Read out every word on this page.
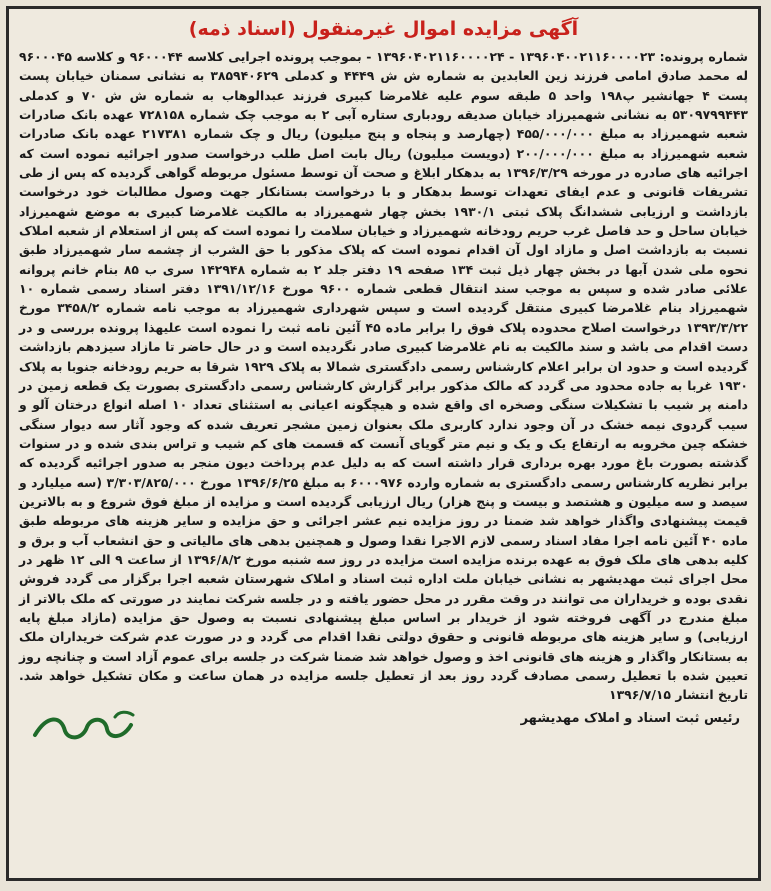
آگهی مزایده اموال غیرمنقول (اسناد ذمه)

شماره پرونده: ۱۳۹۶۰۴۰۰۲۱۱۶۰۰۰۰۲۳ - ۱۳۹۶۰۴۰۲۱۱۶۰۰۰۰۲۴ - بموجب پرونده اجرایی کلاسه ۹۶۰۰۰۴۴ و کلاسه ۹۶۰۰۰۴۵ له محمد صادق امامی فرزند زین العابدین به شماره ش ش ۴۴۴۹ و کدملی ۳۸۵۹۴۰۶۲۹ به نشانی سمنان خیابان پست پست ۴ جهانشیر پ۱۹۸ واحد ۵ طبقه سوم علیه غلامرضا کبیری فرزند عبدالوهاب به شماره ش ش ۷۰ و کدملی ۵۳۰۹۷۹۹۴۴۳ به نشانی شهمیرزاد خیابان صدیقه رودباری ستاره آبی ۲ به موجب چک شماره ۷۲۸۱۵۸ عهده بانک صادرات شعبه شهمیرزاد به مبلغ ۴۵۵/۰۰۰/۰۰۰ (چهارصد و پنجاه و پنج میلیون) ریال و چک شماره ۲۱۷۳۸۱ عهده بانک صادرات شعبه شهمیرزاد به مبلغ ۲۰۰/۰۰۰/۰۰۰ (دویست میلیون) ریال بابت اصل طلب درخواست صدور اجرائیه نموده است که اجرائیه های صادره در مورخه ۱۳۹۶/۳/۲۹ به بدهکار ابلاغ و صحت آن توسط مسئول مربوطه گواهی گردیده که پس از طی تشریفات قانونی و عدم ایفای تعهدات توسط بدهکار و با درخواست بستانکار جهت وصول مطالبات خود درخواست بازداشت و ارزیابی ششدانگ پلاک ثبتی ۱۹۳۰/۱ بخش چهار شهمیرزاد به مالکیت غلامرضا کبیری به موضع شهمیرزاد خیابان ساحل و حد فاصل غرب حریم رودخانه شهمیرزاد و خیابان سلامت را نموده است که پس از استعلام از شعبه املاک نسبت به بازداشت اصل و مازاد اول آن اقدام نموده است که پلاک مذکور با حق الشرب از چشمه سار شهمیرزاد طبق نحوه ملی شدن آبها در بخش چهار ذیل ثبت ۱۳۴ صفحه ۱۹ دفتر جلد ۲ به شماره ۱۴۲۹۴۸ سری ب ۸۵ بنام خانم پروانه علائی صادر شده و سپس به موجب سند انتقال قطعی شماره ۹۶۰۰ مورخ ۱۳۹۱/۱۲/۱۶ دفتر اسناد رسمی شماره ۱۰ شهمیرزاد بنام غلامرضا کبیری منتقل گردیده است و سپس شهرداری شهمیرزاد به موجب نامه شماره ۳۴۵۸/۲ مورخ ۱۳۹۳/۳/۲۲ درخواست اصلاح محدوده پلاک فوق را برابر ماده ۴۵ آئین نامه ثبت را نموده است علیهذا پرونده بررسی و در دست اقدام می باشد و سند مالکیت به نام غلامرضا کبیری صادر نگردیده است و در حال حاضر تا مازاد سیزدهم بازداشت گردیده است و حدود ان برابر اعلام کارشناس رسمی دادگستری شمالا به پلاک ۱۹۲۹ شرقا به حریم رودخانه جنوبا به پلاک ۱۹۳۰ غربا به جاده محدود می گردد که مالک مذکور برابر گزارش کارشناس رسمی دادگستری بصورت یک قطعه زمین در دامنه پر شیب با تشکیلات سنگی وصخره ای واقع شده و هیچگونه اعیانی به استثنای تعداد ۱۰ اصله انواع درختان آلو و سیب گردوی نیمه خشک در آن وجود ندارد کاربری ملک بعنوان زمین مشجر تعریف شده که وجود آثار سه دیوار سنگی خشکه چین مخروبه به ارتفاع یک و یک و نیم متر گویای آنست که قسمت های کم شیب و تراس بندی شده و در سنوات گذشته بصورت باغ مورد بهره برداری قرار داشته است که به دلیل عدم پرداخت دیون منجر به صدور اجرائیه گردیده که برابر نظریه کارشناس رسمی دادگستری به شماره وارده ۶۰۰۰۹۷۶ به مبلغ ۱۳۹۶/۶/۲۵ مورخ ۳/۳۰۳/۸۲۵/۰۰۰ (سه میلیارد و سیصد و سه میلیون و هشتصد و بیست و پنج هزار) ریال ارزیابی گردیده است و مزایده از مبلغ فوق شروع و به بالاترین قیمت پیشنهادی واگذار خواهد شد ضمنا در روز مزایده نیم عشر اجرائی و حق مزایده و سایر هزینه های مربوطه طبق ماده ۴۰ آئین نامه اجرا مفاد اسناد رسمی لازم الاجرا نقدا وصول و همچنین بدهی های مالیاتی و حق انشعاب آب و برق و کلیه بدهی های ملک فوق به عهده برنده مزایده است مزایده در روز سه شنبه مورخ ۱۳۹۶/۸/۲ از ساعت ۹ الی ۱۲ ظهر در محل اجرای ثبت مهدیشهر به نشانی خیابان ملت اداره ثبت اسناد و املاک شهرستان شعبه اجرا برگزار می گردد فروش نقدی بوده و خریداران می توانند در وقت مقرر در محل حضور یافته و در جلسه شرکت نمایند در صورتی که ملک بالاتر از مبلغ مندرج در آگهی فروخته شود از خریدار بر اساس مبلغ پیشنهادی نسبت به وصول حق مزایده (مازاد مبلغ پایه ارزیابی) و سایر هزینه های مربوطه قانونی و حقوق دولتی نقدا اقدام می گردد و در صورت عدم شرکت خریداران ملک به بستانکار واگذار و هزینه های قانونی اخذ و وصول خواهد شد ضمنا شرکت در جلسه برای عموم آزاد است و چنانچه روز تعیین شده با تعطیل رسمی مصادف گردد روز بعد از تعطیل جلسه مزایده در همان ساعت و مکان تشکیل خواهد شد. تاریخ انتشار ۱۳۹۶/۷/۱۵

رئیس ثبت اسناد و املاک مهدیشهر
